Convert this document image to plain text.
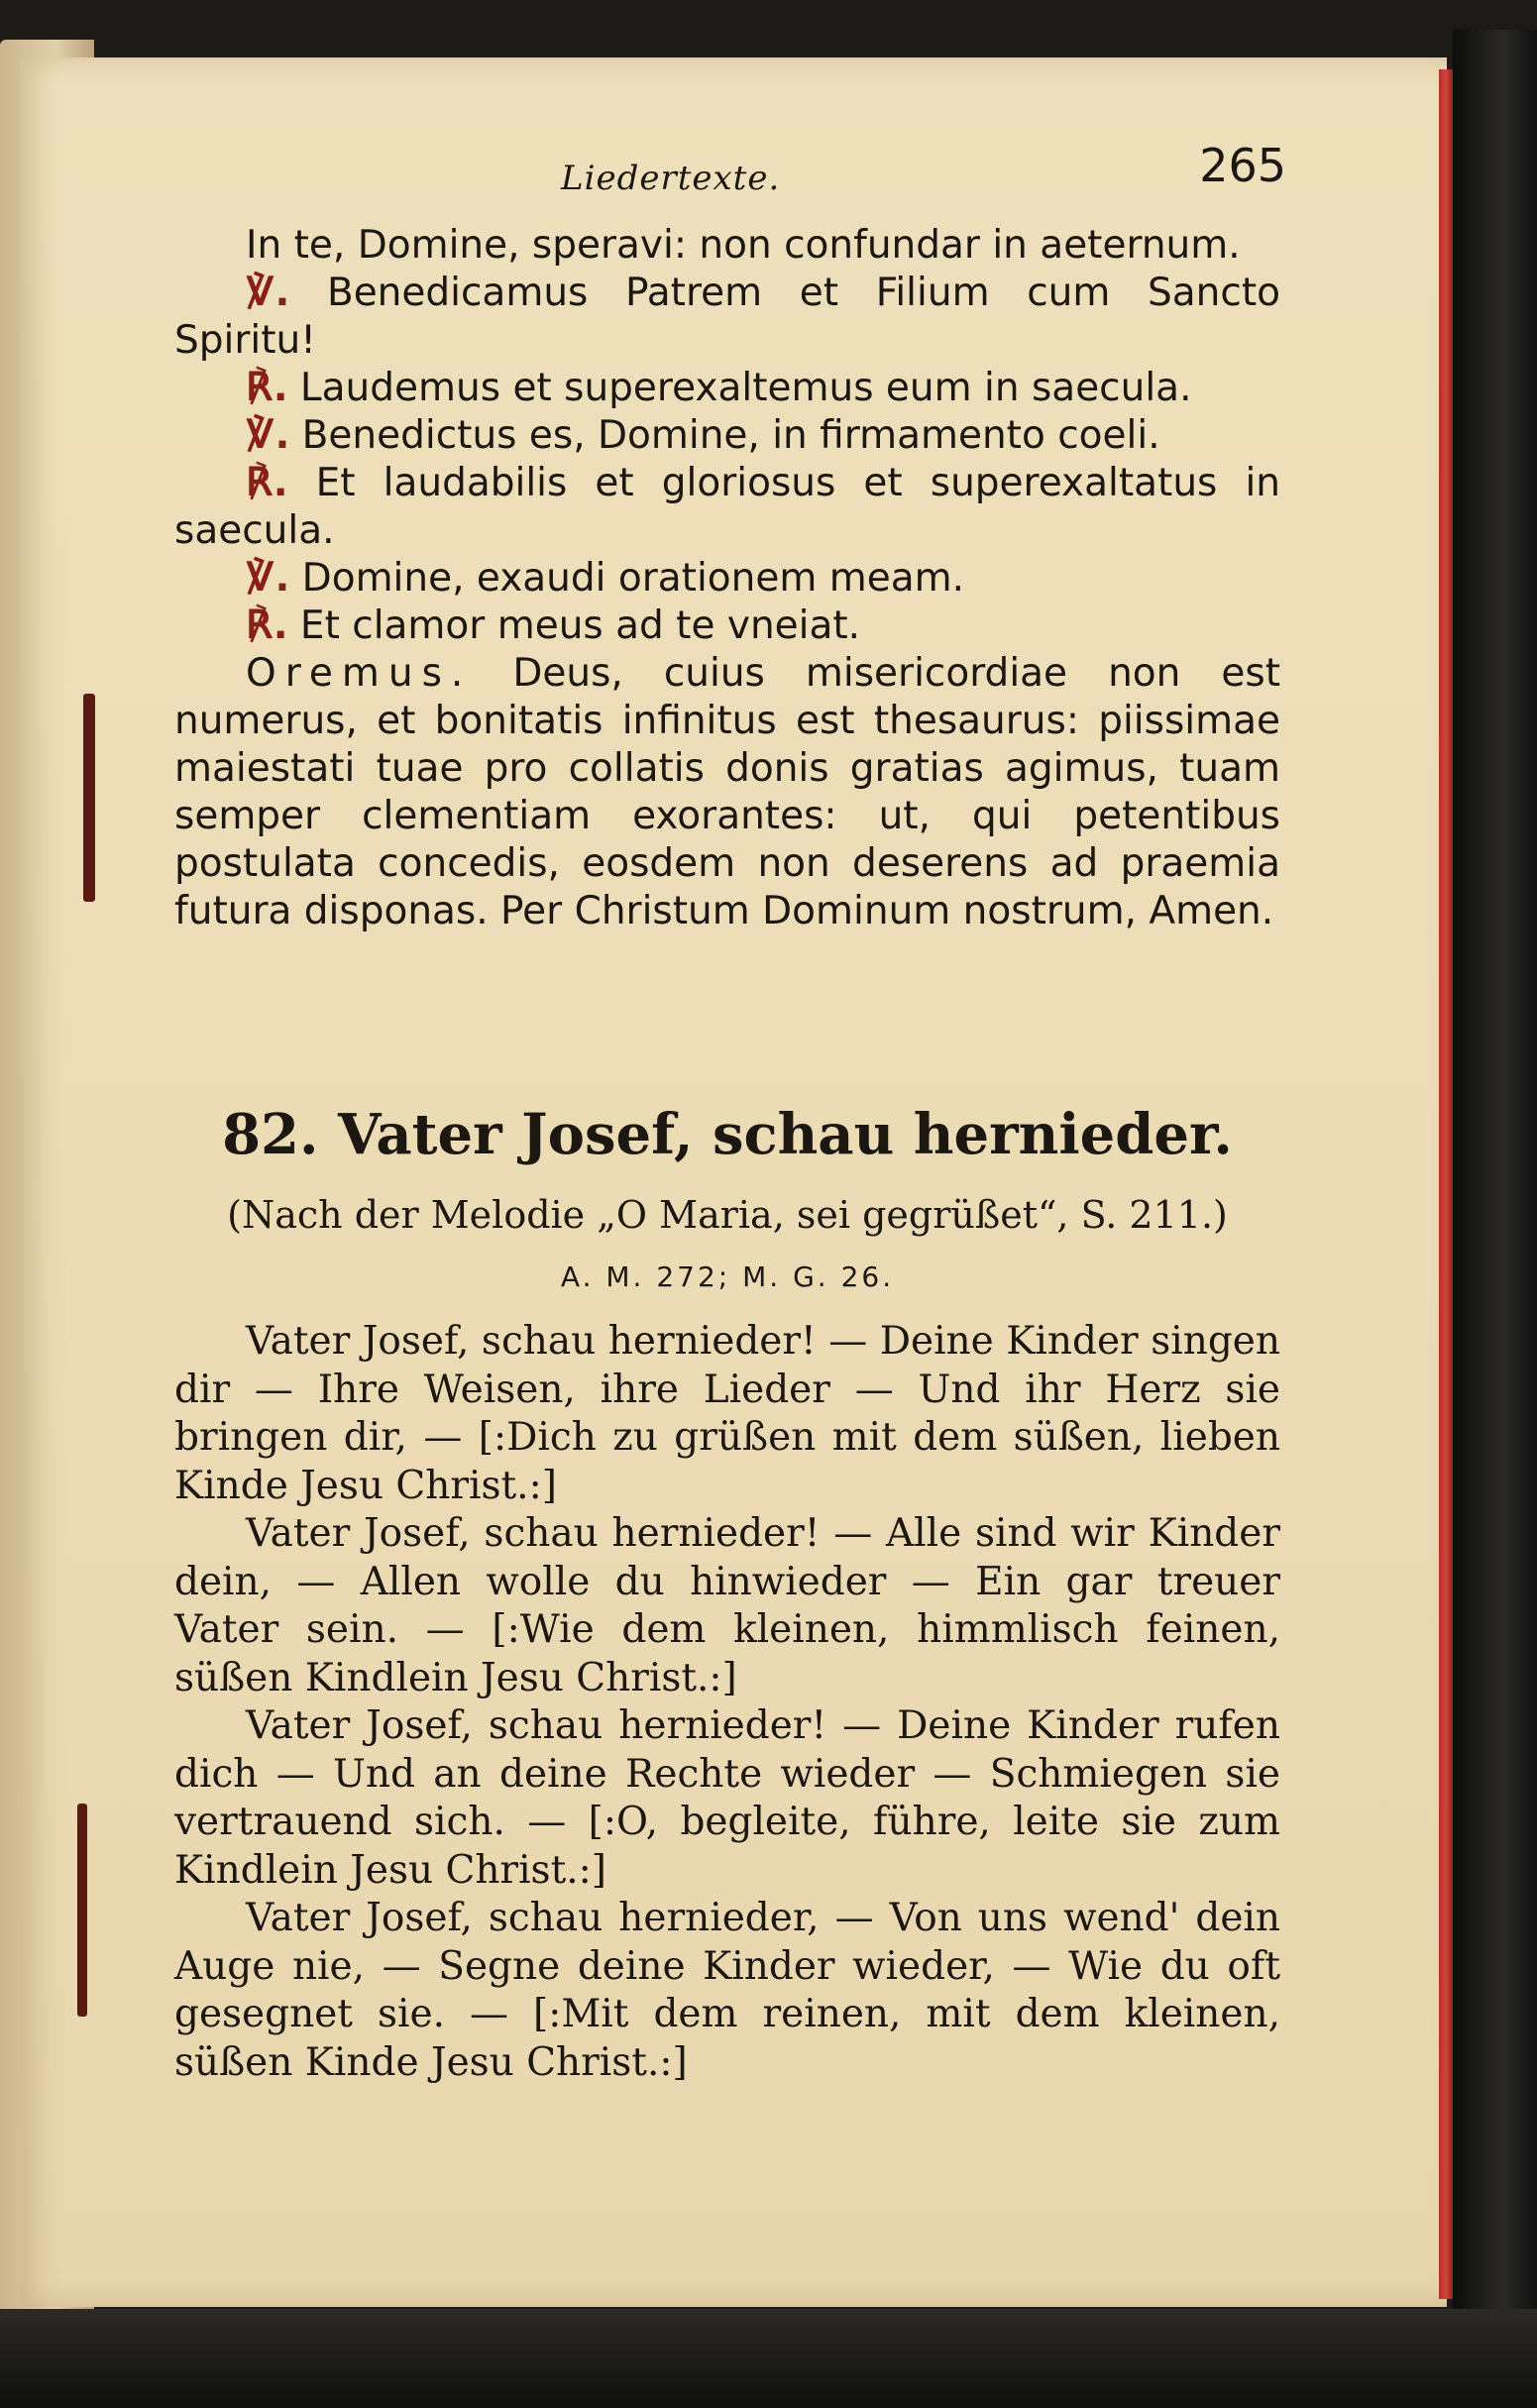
Liedertexte.	265

In te, Domine, speravi: non confundar in aeternum.

℣. Benedicamus Patrem et Filium cum Sancto Spiritu!

℟. Laudemus et superexaltemus eum in saecula.

℣. Benedictus es, Domine, in firmamento coeli.

℟. Et laudabilis et gloriosus et superexaltatus in saecula.

℣. Domine, exaudi orationem meam.

℟. Et clamor meus ad te vneiat.

Oremus. Deus, cuius misericordiae non est numerus, et bonitatis infinitus est thesaurus: piissimae maiestati tuae pro collatis donis gratias agimus, tuam semper clementiam exorantes: ut, qui petentibus postulata concedis, eosdem non deserens ad praemia futura disponas. Per Christum Dominum nostrum, Amen.

82. Vater Josef, schau hernieder.
(Nach der Melodie „O Maria, sei gegrüßet“, S. 211.)
A. M. 272; M. G. 26.

Vater Josef, schau hernieder! — Deine Kinder singen dir — Ihre Weisen, ihre Lieder — Und ihr Herz sie bringen dir, — [:Dich zu grüßen mit dem süßen, lieben Kinde Jesu Christ.:]

Vater Josef, schau hernieder! — Alle sind wir Kinder dein, — Allen wolle du hinwieder — Ein gar treuer Vater sein. — [:Wie dem kleinen, himmlisch feinen, süßen Kindlein Jesu Christ.:]

Vater Josef, schau hernieder! — Deine Kinder rufen dich — Und an deine Rechte wieder — Schmiegen sie vertrauend sich. — [:O, begleite, führe, leite sie zum Kindlein Jesu Christ.:]

Vater Josef, schau hernieder, — Von uns wend' dein Auge nie, — Segne deine Kinder wieder, — Wie du oft gesegnet sie. — [:Mit dem reinen, mit dem kleinen, süßen Kinde Jesu Christ.:]
